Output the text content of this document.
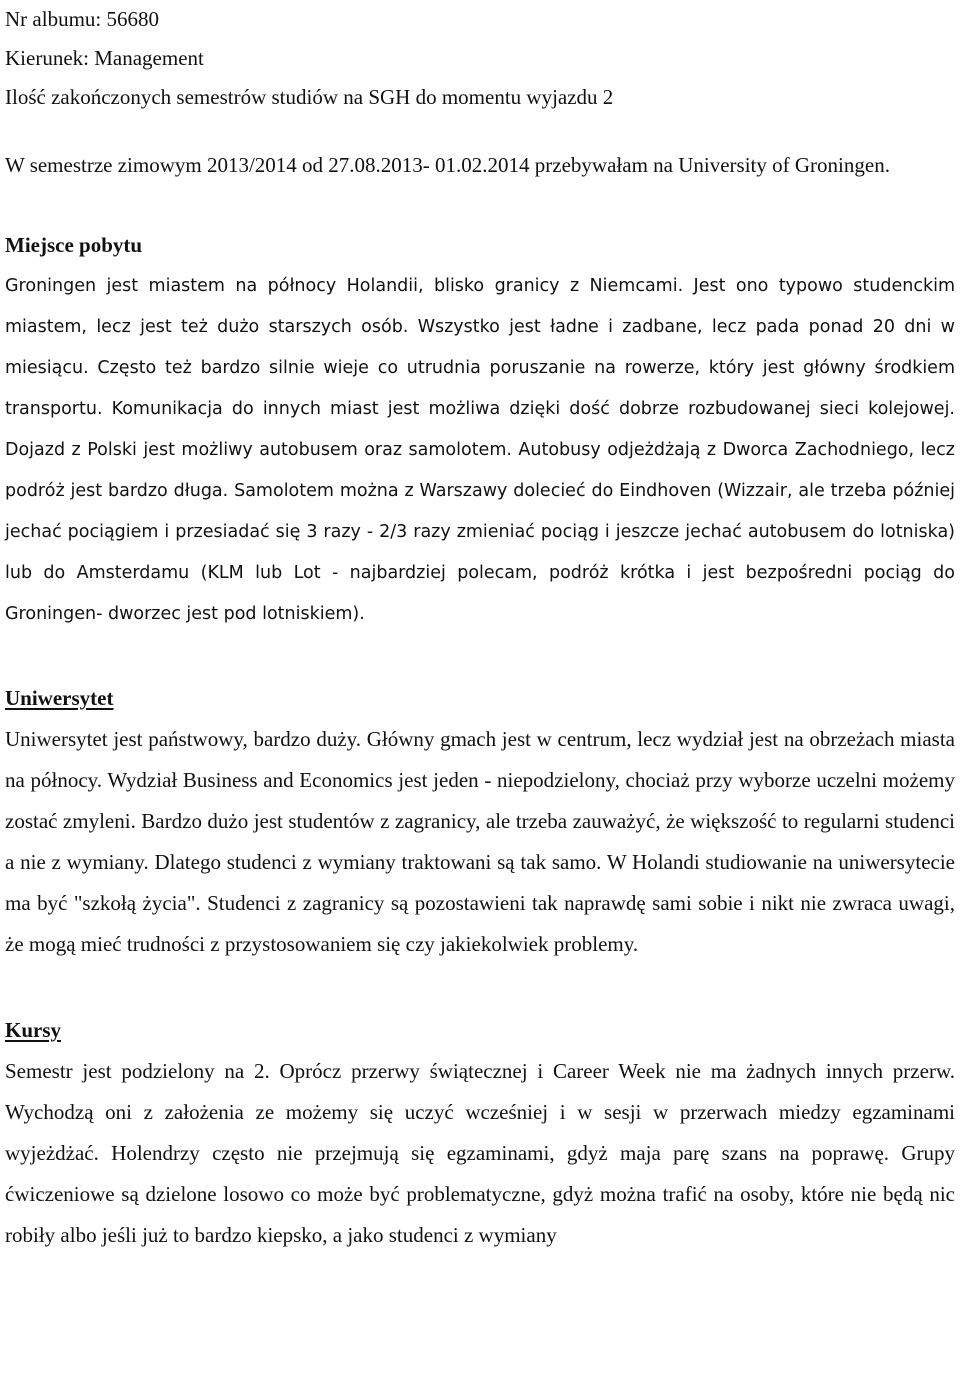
Nr albumu: 56680
Kierunek: Management
Ilość zakończonych semestrów studiów na SGH do momentu wyjazdu 2
W semestrze zimowym 2013/2014 od 27.08.2013- 01.02.2014 przebywałam na University of Groningen.
Miejsce pobytu
Groningen jest miastem na północy Holandii, blisko granicy z Niemcami. Jest ono typowo studenckim miastem, lecz jest też dużo starszych osób. Wszystko jest ładne i zadbane, lecz pada ponad 20 dni w miesiącu. Często też bardzo silnie wieje co utrudnia poruszanie na rowerze, który jest główny środkiem transportu. Komunikacja do innych miast jest możliwa dzięki dość dobrze rozbudowanej sieci kolejowej. Dojazd z Polski jest możliwy autobusem oraz samolotem. Autobusy odjeżdżają z Dworca Zachodniego, lecz podróż jest bardzo długa. Samolotem można z Warszawy dolecieć do Eindhoven (Wizzair, ale trzeba później jechać pociągiem i przesiadać się 3 razy - 2/3 razy zmieniać pociąg i jeszcze jechać autobusem do lotniska) lub do Amsterdamu (KLM lub Lot - najbardziej polecam, podróż krótka i jest bezpośredni pociąg do Groningen- dworzec jest pod lotniskiem).
Uniwersytet
Uniwersytet jest państwowy, bardzo duży. Główny gmach jest w centrum, lecz wydział jest na obrzeżach miasta na północy. Wydział Business and Economics jest jeden - niepodzielony, chociaż przy wyborze uczelni możemy zostać zmyleni. Bardzo dużo jest studentów z zagranicy, ale trzeba zauważyć, że większość to regularni studenci a nie z wymiany. Dlatego studenci z wymiany traktowani są tak samo. W Holandi studiowanie na uniwersytecie ma być "szkołą życia". Studenci z zagranicy są pozostawieni tak naprawdę sami sobie i nikt nie zwraca uwagi, że mogą mieć trudności z przystosowaniem się czy jakiekolwiek problemy.
Kursy
Semestr jest podzielony na 2. Oprócz przerwy świątecznej i Career Week nie ma żadnych innych przerw. Wychodzą oni z założenia ze możemy się uczyć wcześniej i w sesji w przerwach miedzy egzaminami wyjeżdżać. Holendrzy często nie przejmują się egzaminami, gdyż maja parę szans na poprawę. Grupy ćwiczeniowe są dzielone losowo co może być problematyczne, gdyż można trafić na osoby, które nie będą nic robiły albo jeśli już to bardzo kiepsko, a jako studenci z wymiany
